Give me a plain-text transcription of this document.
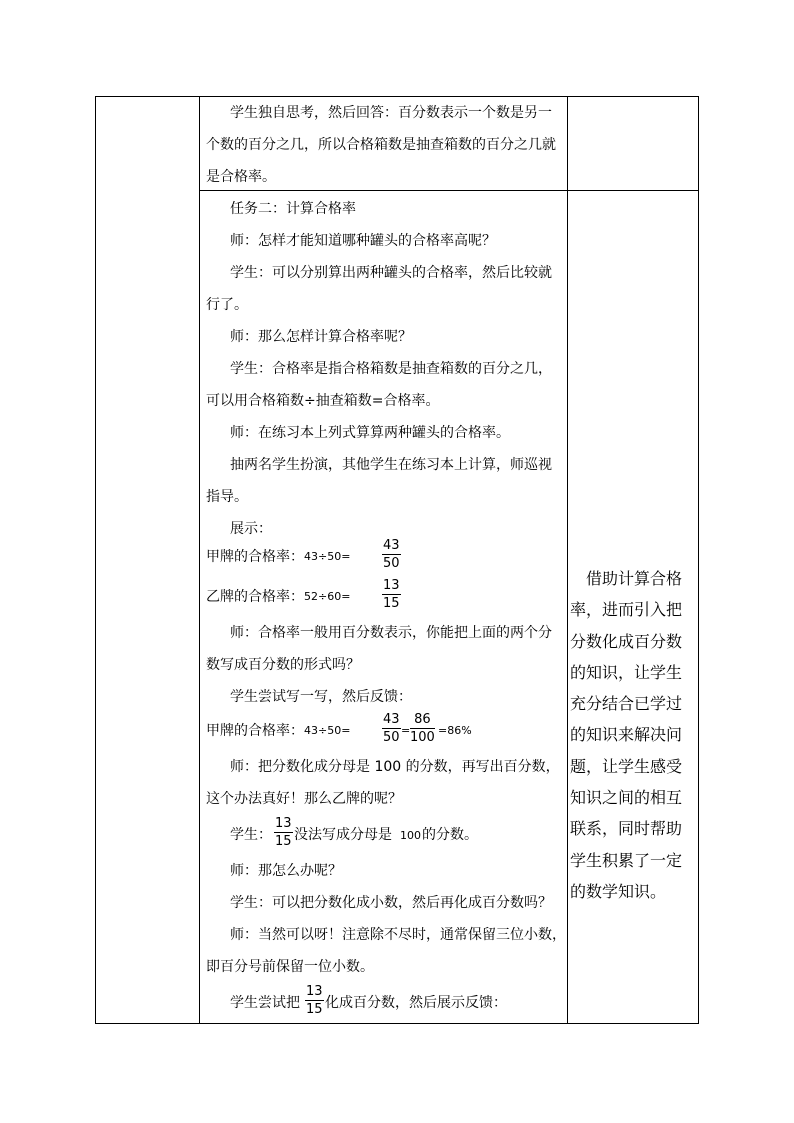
学生独自思考，然后回答：百分数表示一个数是另一
个数的百分之几，所以合格箱数是抽查箱数的百分之几就
是合格率。
任务二：计算合格率
师：怎样才能知道哪种罐头的合格率高呢？
学生：可以分别算出两种罐头的合格率，然后比较就
行了。
师：那么怎样计算合格率呢？
学生：合格率是指合格箱数是抽查箱数的百分之几，
可以用合格箱数÷抽查箱数=合格率。
师：在练习本上列式算算两种罐头的合格率。
抽两名学生扮演，其他学生在练习本上计算，师巡视
指导。
展示：
甲牌的合格率： $43\div 50= \frac{43}{50}$
乙牌的合格率： $52\div 60= \frac{13}{15}$
师：合格率一般用百分数表示，你能把上面的两个分
数写成百分数的形式吗？
学生尝试写一写，然后反馈：
甲牌的合格率： $43\div 50= \frac{43}{50} = \frac{86}{100} =86\%$
师：把分数化成分母是 100 的分数，再写出百分数，
这个办法真好！那么乙牌的呢？
学生： $\frac{13}{15}$ 没法写成分母是 100 的分数。
师：那怎么办呢？
学生：可以把分数化成小数，然后再化成百分数吗？
师：当然可以呀！注意除不尽时，通常保留三位小数，
即百分号前保留一位小数。
学生尝试把 $\frac{13}{15}$ 化成百分数，然后展示反馈：
　借助计算合格率，进而引入把分数化成百分数的知识，让学生充分结合已学过的知识来解决问题，让学生感受知识之间的相互联系，同时帮助学生积累了一定的数学知识。
